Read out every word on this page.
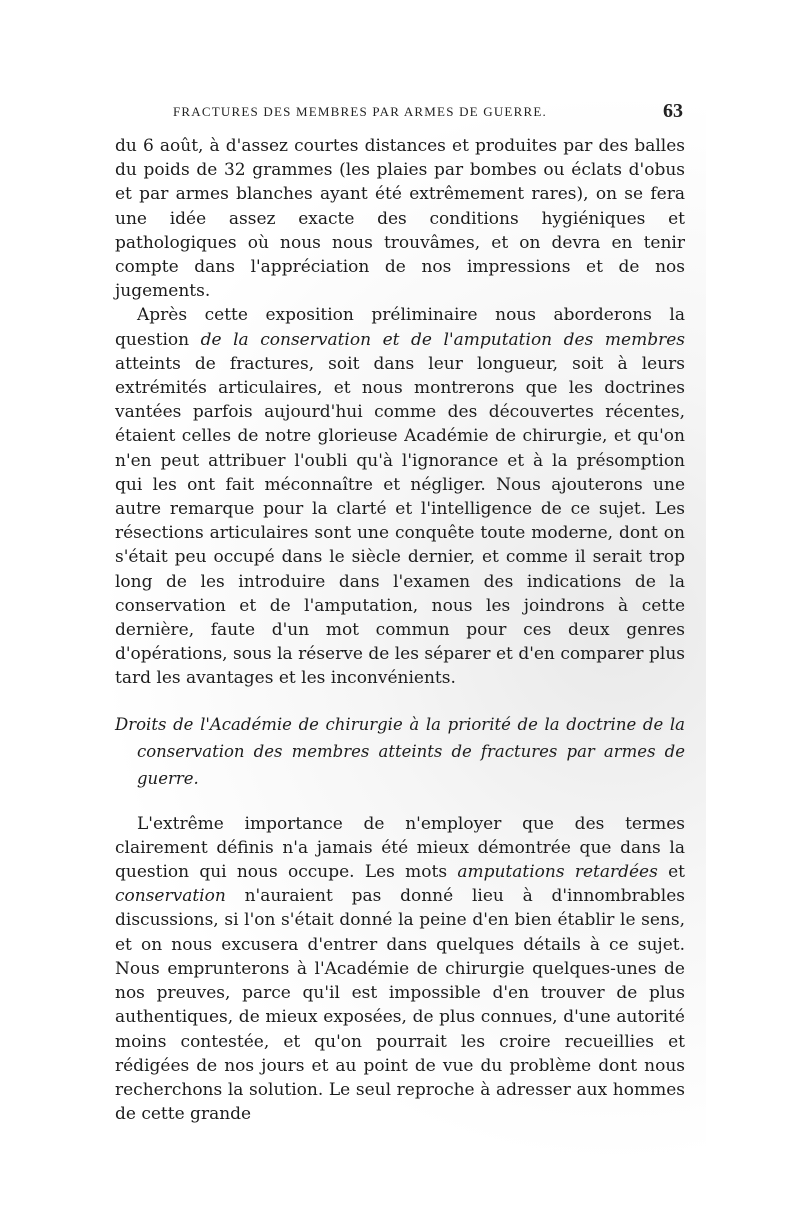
FRACTURES DES MEMBRES PAR ARMES DE GUERRE.	63

du 6 août, à d'assez courtes distances et produites par des balles du poids de 32 grammes (les plaies par bombes ou éclats d'obus et par armes blanches ayant été extrêmement rares), on se fera une idée assez exacte des conditions hygiéniques et pathologiques où nous nous trouvâmes, et on devra en tenir compte dans l'appréciation de nos impressions et de nos jugements.

Après cette exposition préliminaire nous aborderons la question de la conservation et de l'amputation des membres atteints de fractures, soit dans leur longueur, soit à leurs extrémités articulaires, et nous montrerons que les doctrines vantées parfois aujourd'hui comme des découvertes récentes, étaient celles de notre glorieuse Académie de chirurgie, et qu'on n'en peut attribuer l'oubli qu'à l'ignorance et à la présomption qui les ont fait méconnaître et négliger. Nous ajouterons une autre remarque pour la clarté et l'intelligence de ce sujet. Les résections articulaires sont une conquête toute moderne, dont on s'était peu occupé dans le siècle dernier, et comme il serait trop long de les introduire dans l'examen des indications de la conservation et de l'amputation, nous les joindrons à cette dernière, faute d'un mot commun pour ces deux genres d'opérations, sous la réserve de les séparer et d'en comparer plus tard les avantages et les inconvénients.

Droits de l'Académie de chirurgie à la priorité de la doctrine de la conservation des membres atteints de fractures par armes de guerre.

L'extrême importance de n'employer que des termes clairement définis n'a jamais été mieux démontrée que dans la question qui nous occupe. Les mots amputations retardées et conservation n'auraient pas donné lieu à d'innombrables discussions, si l'on s'était donné la peine d'en bien établir le sens, et on nous excusera d'entrer dans quelques détails à ce sujet. Nous emprunterons à l'Académie de chirurgie quelques-unes de nos preuves, parce qu'il est impossible d'en trouver de plus authentiques, de mieux exposées, de plus connues, d'une autorité moins contestée, et qu'on pourrait les croire recueillies et rédigées de nos jours et au point de vue du problème dont nous recherchons la solution. Le seul reproche à adresser aux hommes de cette grande
